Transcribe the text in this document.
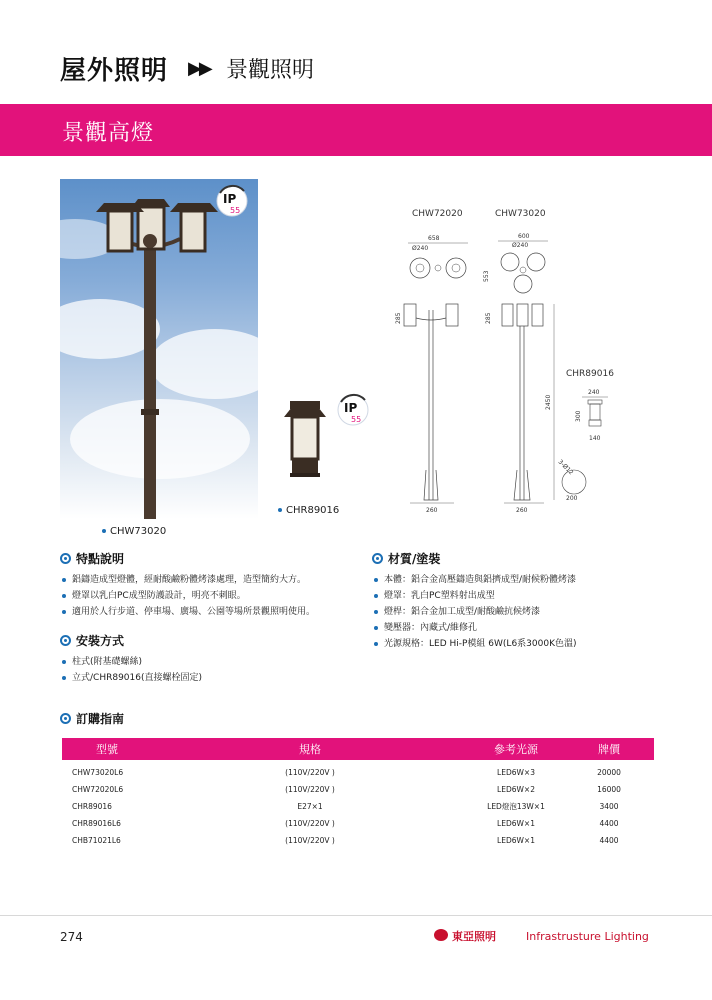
屋外照明 ▶▶ 景觀照明
景觀高燈
IP
55
CHW73020
IP
55
CHR89016
CHW72020	CHW73020
658
Ø240
600
Ø240
553
285
260
285
260
2450
CHR89016
240
300
140
3-Ø12
200
特點說明
鋁鑄造成型燈體，經耐酸鹼粉體烤漆處理，造型簡約大方。
燈罩以乳白PC成型防護設計，明亮不刺眼。
適用於人行步道、停車場、廣場、公園等場所景觀照明使用。
安裝方式
柱式(附基礎螺絲)
立式/CHR89016(直接螺栓固定)
材質/塗裝
本體：鋁合金高壓鑄造與鋁擠成型/耐候粉體烤漆
燈罩：乳白PC塑料射出成型
燈桿：鋁合金加工成型/耐酸鹼抗候烤漆
變壓器：內藏式/維修孔
光源規格：LED Hi-P模組 6W(L6系3000K色溫)
訂購指南
型號	規格	參考光源	牌價
CHW73020L6	(110V/220V )	LED6W×3	20000
CHW72020L6	(110V/220V )	LED6W×2	16000
CHR89016	E27×1	LED燈泡13W×1	3400
CHR89016L6	(110V/220V )	LED6W×1	4400
CHB71021L6	(110V/220V )	LED6W×1	4400
274	東亞照明	Infrastrusture Lighting
